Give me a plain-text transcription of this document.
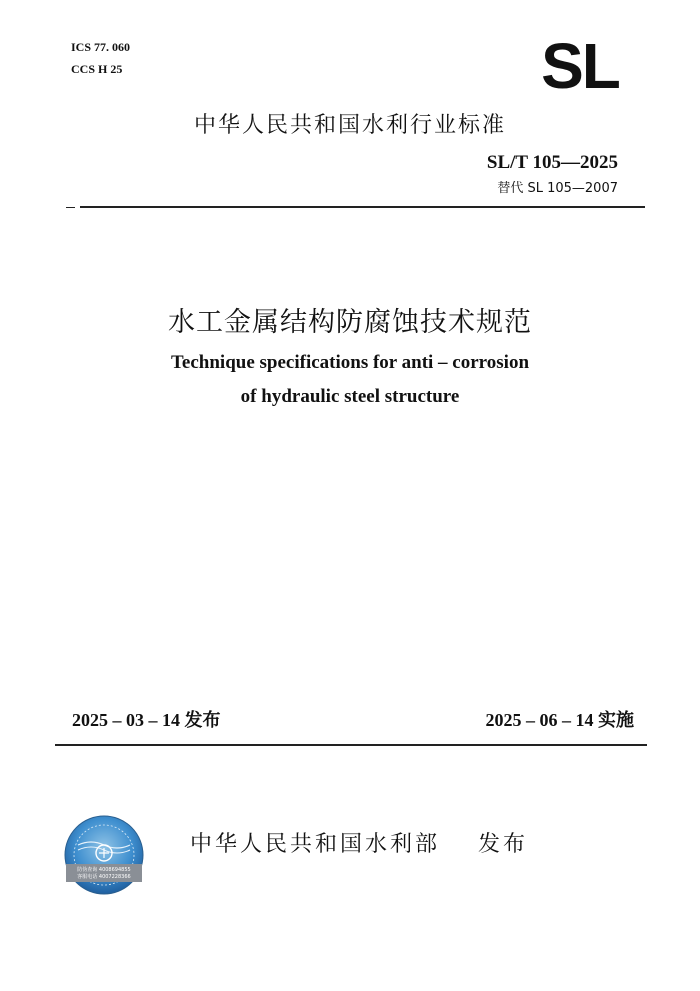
ICS 77. 060
CCS H 25	SL
中华人民共和国水利行业标准
SL/T 105—2025
替代 SL 105—2007
水工金属结构防腐蚀技术规范
Technique specifications for anti – corrosion
of hydraulic steel structure
2025 – 03 – 14 发布	2025 – 06 – 14 实施
防伪查询 4008694855
客服电话 4007228366
中华人民共和国水利部 发布
